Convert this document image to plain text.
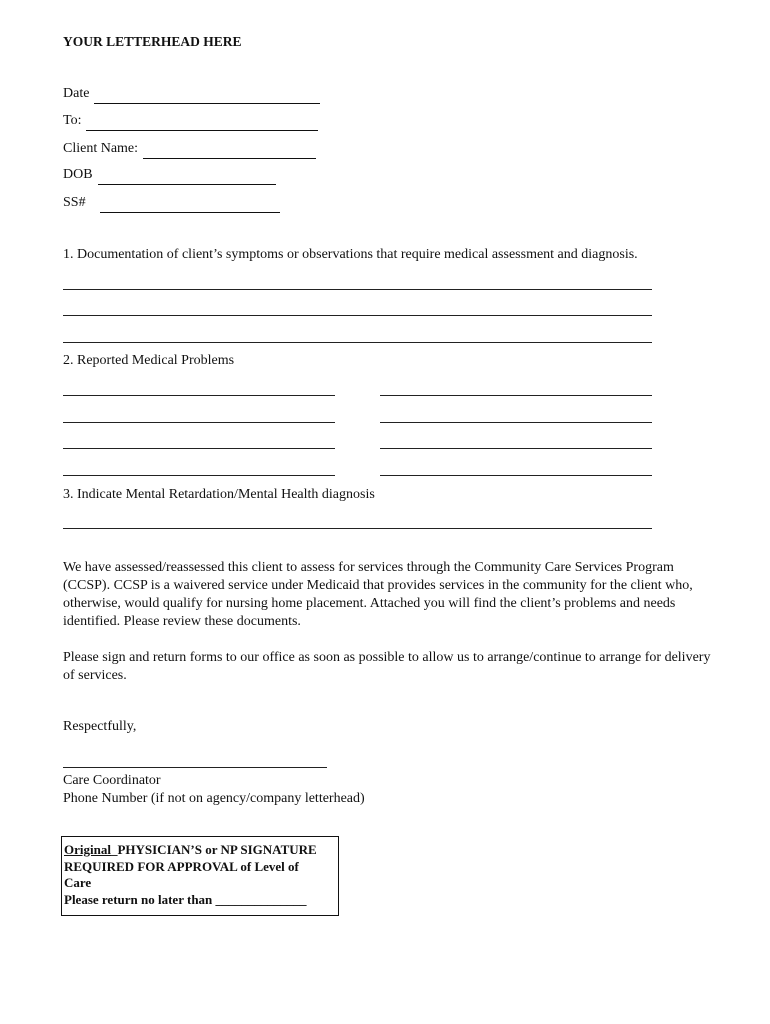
YOUR LETTERHEAD HERE
Date
To:
Client Name:
DOB
SS#
1. Documentation of client’s symptoms or observations that require medical assessment and diagnosis.
2. Reported Medical Problems
3. Indicate Mental Retardation/Mental Health diagnosis
We have assessed/reassessed this client to assess for services through the Community Care Services Program (CCSP). CCSP is a waivered service under Medicaid that provides services in the community for the client who, otherwise, would qualify for nursing home placement. Attached you will find the client’s problems and needs identified. Please review these documents.
Please sign and return forms to our office as soon as possible to allow us to arrange/continue to arrange for delivery of services.
Respectfully,
Care Coordinator
Phone Number (if not on agency/company letterhead)
Original_PHYSICIAN’S or NP SIGNATURE
REQUIRED FOR APPROVAL of Level of
Care
Please return no later than ______________
